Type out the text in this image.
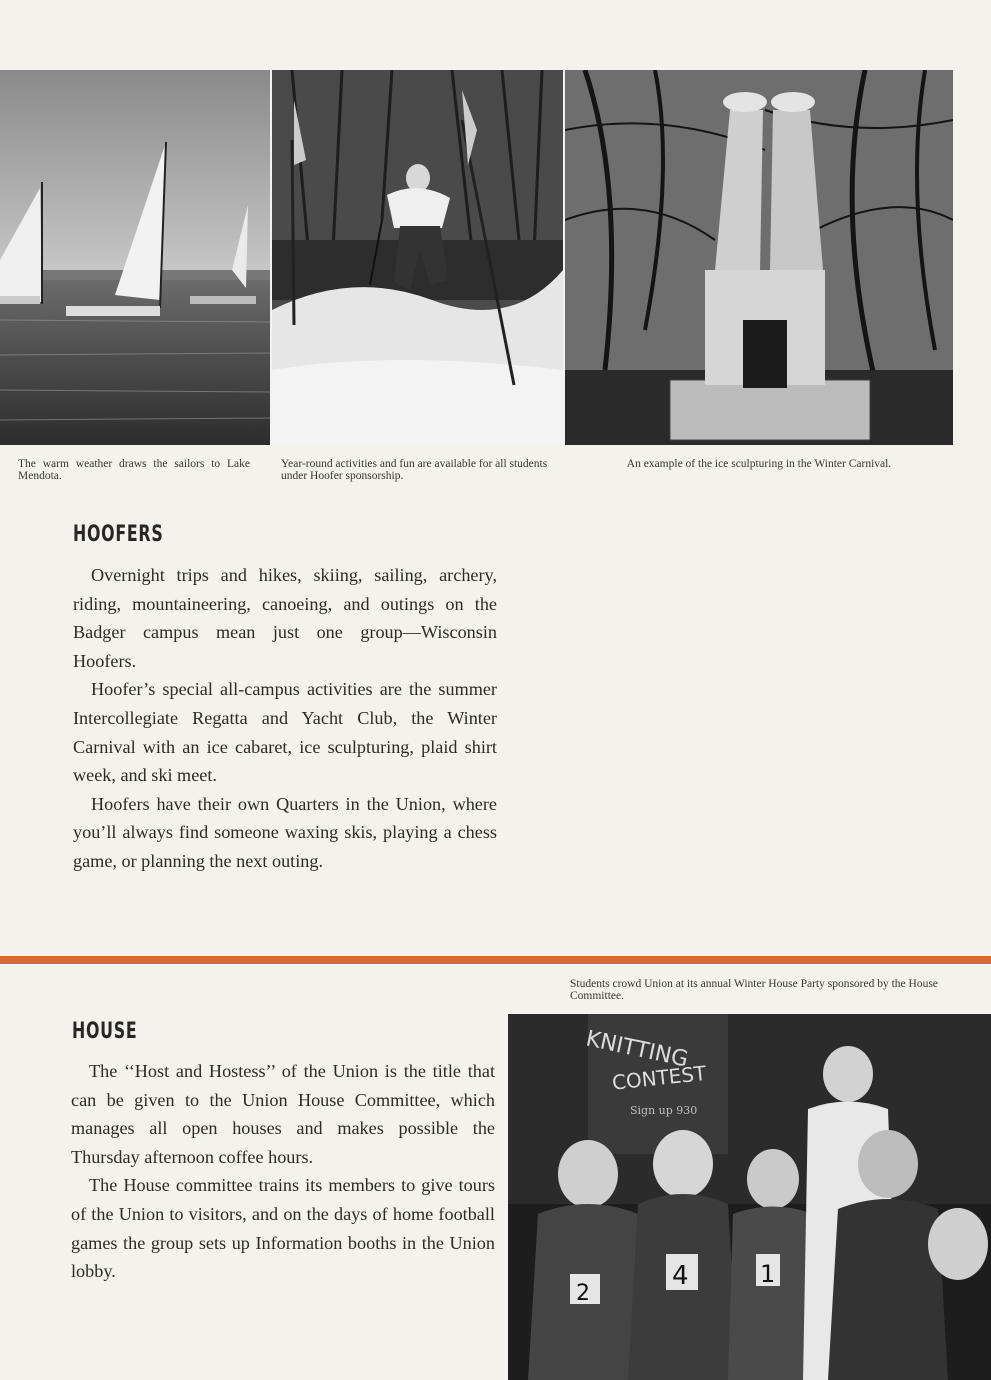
The warm weather draws the sailors to Lake Mendota.
Year-round activities and fun are available for all students under Hoofer sponsorship.
An example of the ice sculpturing in the Winter Carnival.
HOOFERS

Overnight trips and hikes, skiing, sailing, archery, riding, mountaineering, canoeing, and outings on the Badger campus mean just one group—Wisconsin Hoofers.

Hoofer’s special all-campus activities are the summer Intercollegiate Regatta and Yacht Club, the Winter Carnival with an ice cabaret, ice sculpturing, plaid shirt week, and ski meet.

Hoofers have their own Quarters in the Union, where you’ll always find someone waxing skis, playing a chess game, or planning the next outing.

Students crowd Union at its annual Winter House Party sponsored by the House Committee.
HOUSE

The ‘‘Host and Hostess’’ of the Union is the title that can be given to the Union House Committee, which manages all open houses and makes possible the Thursday afternoon coffee hours.

The House committee trains its members to give tours of the Union to visitors, and on the days of home football games the group sets up Information booths in the Union lobby.

KNITTING
CONTEST
Sign up 930
2
4	1
